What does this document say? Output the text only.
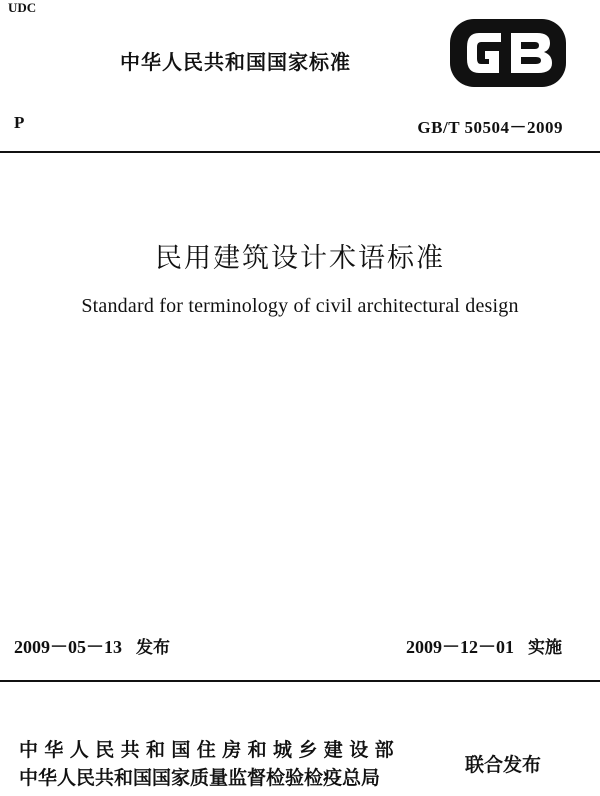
UDC
中华人民共和国国家标准
P	GB/T 50504－2009
民用建筑设计术语标准
Standard for terminology of civil architectural design
2009－05－13 发布	2009－12－01 实施
中华人民共和国住房和城乡建设部
中华人民共和国国家质量监督检验检疫总局
联合发布
